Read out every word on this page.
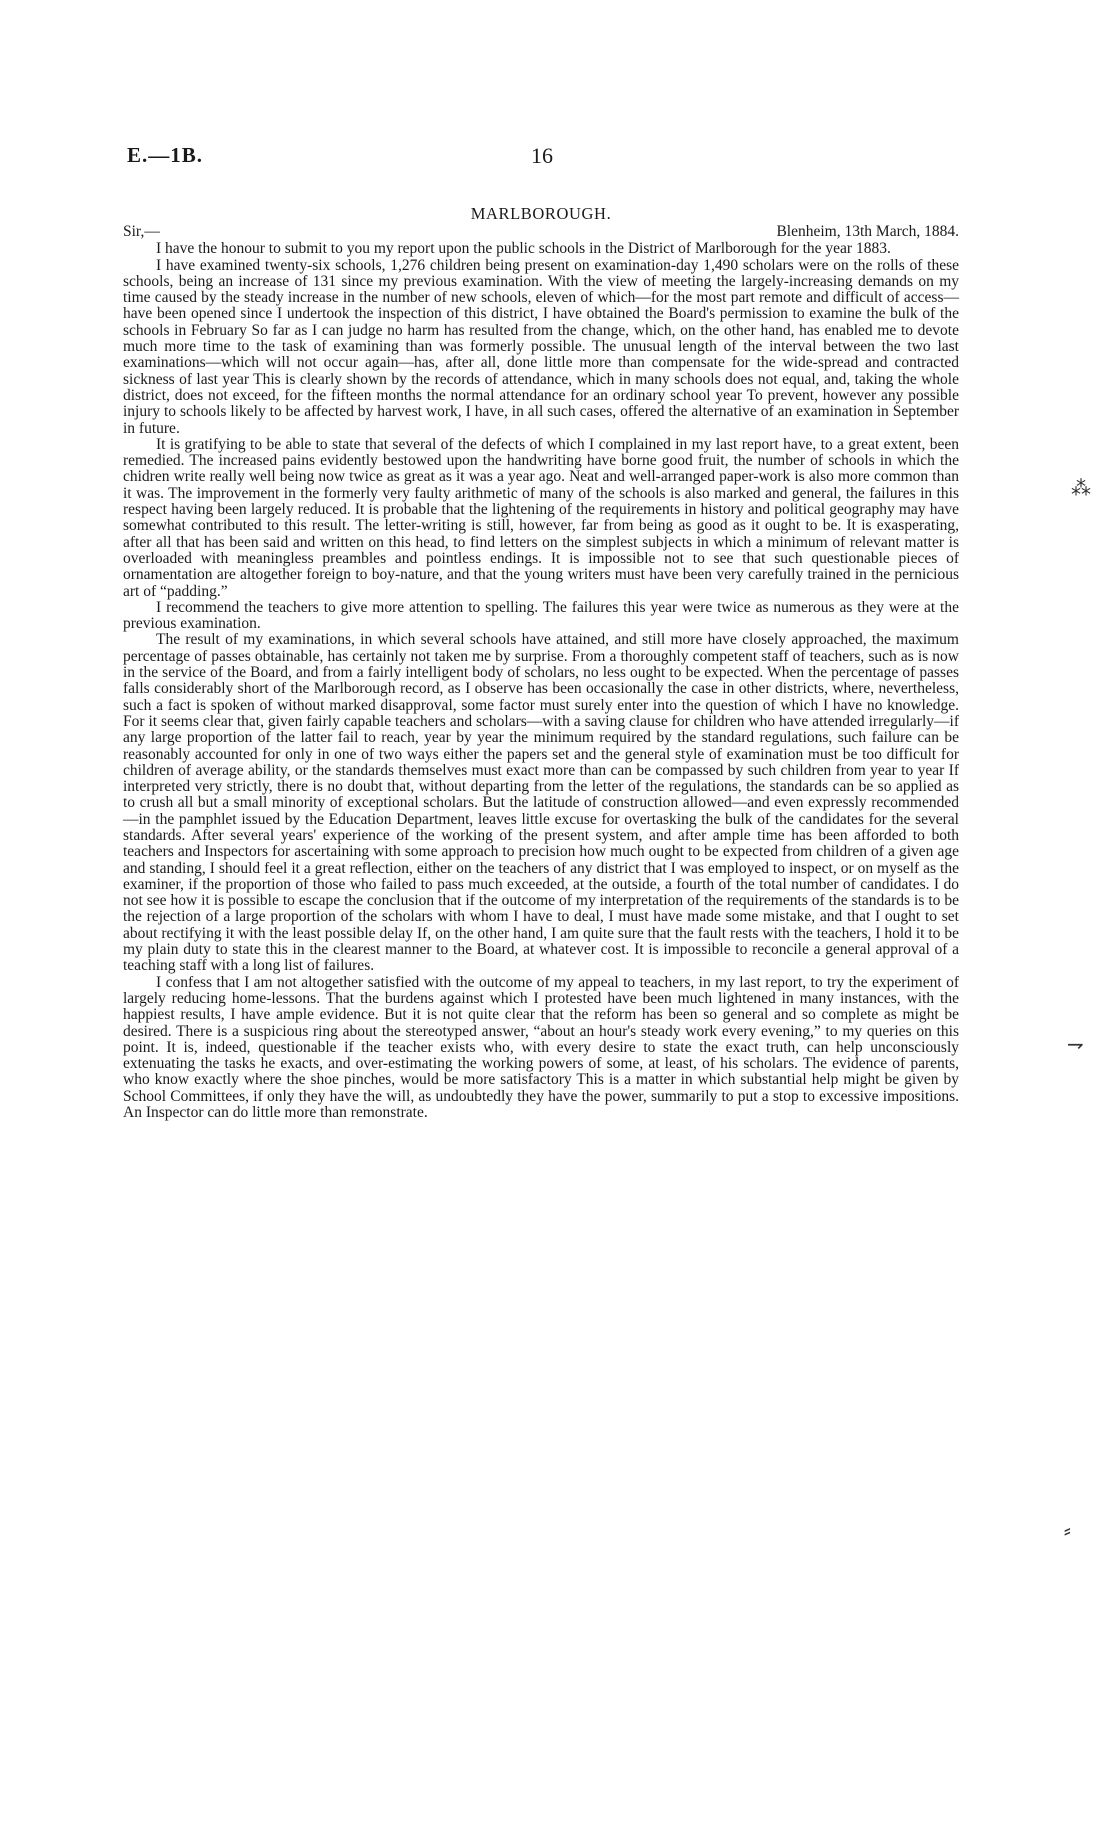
E.—1B.	16
MARLBOROUGH.
Sir,—	Blenheim, 13th March, 1884.

I have the honour to submit to you my report upon the public schools in the District of Marlborough for the year 1883.

I have examined twenty-six schools, 1,276 children being present on examination-day 1,490 scholars were on the rolls of these schools, being an increase of 131 since my previous examination. With the view of meeting the largely-increasing demands on my time caused by the steady increase in the number of new schools, eleven of which—for the most part remote and difficult of access—have been opened since I undertook the inspection of this district, I have obtained the Board's permission to examine the bulk of the schools in February So far as I can judge no harm has resulted from the change, which, on the other hand, has enabled me to devote much more time to the task of examining than was formerly possible. The unusual length of the interval between the two last examinations—which will not occur again—has, after all, done little more than compensate for the wide-spread and contracted sickness of last year This is clearly shown by the records of attendance, which in many schools does not equal, and, taking the whole district, does not exceed, for the fifteen months the normal attendance for an ordinary school year To prevent, however any possible injury to schools likely to be affected by harvest work, I have, in all such cases, offered the alternative of an examination in September in future.

It is gratifying to be able to state that several of the defects of which I complained in my last report have, to a great extent, been remedied. The increased pains evidently bestowed upon the handwriting have borne good fruit, the number of schools in which the chidren write really well being now twice as great as it was a year ago. Neat and well-arranged paper-work is also more common than it was. The improvement in the formerly very faulty arithmetic of many of the schools is also marked and general, the failures in this respect having been largely reduced. It is probable that the lightening of the requirements in history and political geography may have somewhat contributed to this result. The letter-writing is still, however, far from being as good as it ought to be. It is exasperating, after all that has been said and written on this head, to find letters on the simplest subjects in which a minimum of relevant matter is overloaded with meaningless preambles and pointless endings. It is impossible not to see that such questionable pieces of ornamentation are altogether foreign to boy-nature, and that the young writers must have been very carefully trained in the pernicious art of “padding.”

I recommend the teachers to give more attention to spelling. The failures this year were twice as numerous as they were at the previous examination.

The result of my examinations, in which several schools have attained, and still more have closely approached, the maximum percentage of passes obtainable, has certainly not taken me by surprise. From a thoroughly competent staff of teachers, such as is now in the service of the Board, and from a fairly intelligent body of scholars, no less ought to be expected. When the percentage of passes falls considerably short of the Marlborough record, as I observe has been occasionally the case in other districts, where, nevertheless, such a fact is spoken of without marked disapproval, some factor must surely enter into the question of which I have no knowledge. For it seems clear that, given fairly capable teachers and scholars—with a saving clause for children who have attended irregularly—if any large proportion of the latter fail to reach, year by year the minimum required by the standard regulations, such failure can be reasonably accounted for only in one of two ways either the papers set and the general style of examination must be too difficult for children of average ability, or the standards themselves must exact more than can be compassed by such children from year to year If interpreted very strictly, there is no doubt that, without departing from the letter of the regulations, the standards can be so applied as to crush all but a small minority of exceptional scholars. But the latitude of construction allowed—and even expressly recommended—in the pamphlet issued by the Education Department, leaves little excuse for overtasking the bulk of the candidates for the several standards. After several years' experience of the working of the present system, and after ample time has been afforded to both teachers and Inspectors for ascertaining with some approach to precision how much ought to be expected from children of a given age and standing, I should feel it a great reflection, either on the teachers of any district that I was employed to inspect, or on myself as the examiner, if the proportion of those who failed to pass much exceeded, at the outside, a fourth of the total number of candidates. I do not see how it is possible to escape the conclusion that if the outcome of my interpretation of the requirements of the standards is to be the rejection of a large proportion of the scholars with whom I have to deal, I must have made some mistake, and that I ought to set about rectifying it with the least possible delay If, on the other hand, I am quite sure that the fault rests with the teachers, I hold it to be my plain duty to state this in the clearest manner to the Board, at whatever cost. It is impossible to reconcile a general approval of a teaching staff with a long list of failures.

I confess that I am not altogether satisfied with the outcome of my appeal to teachers, in my last report, to try the experiment of largely reducing home-lessons. That the burdens against which I protested have been much lightened in many instances, with the happiest results, I have ample evidence. But it is not quite clear that the reform has been so general and so complete as might be desired. There is a suspicious ring about the stereotyped answer, “about an hour's steady work every evening,” to my queries on this point. It is, indeed, questionable if the teacher exists who, with every desire to state the exact truth, can help unconsciously extenuating the tasks he exacts, and over-estimating the working powers of some, at least, of his scholars. The evidence of parents, who know exactly where the shoe pinches, would be more satisfactory This is a matter in which substantial help might be given by School Committees, if only they have the will, as undoubtedly they have the power, summarily to put a stop to excessive impositions. An Inspector can do little more than remonstrate.

⁂
⇁
⸗
